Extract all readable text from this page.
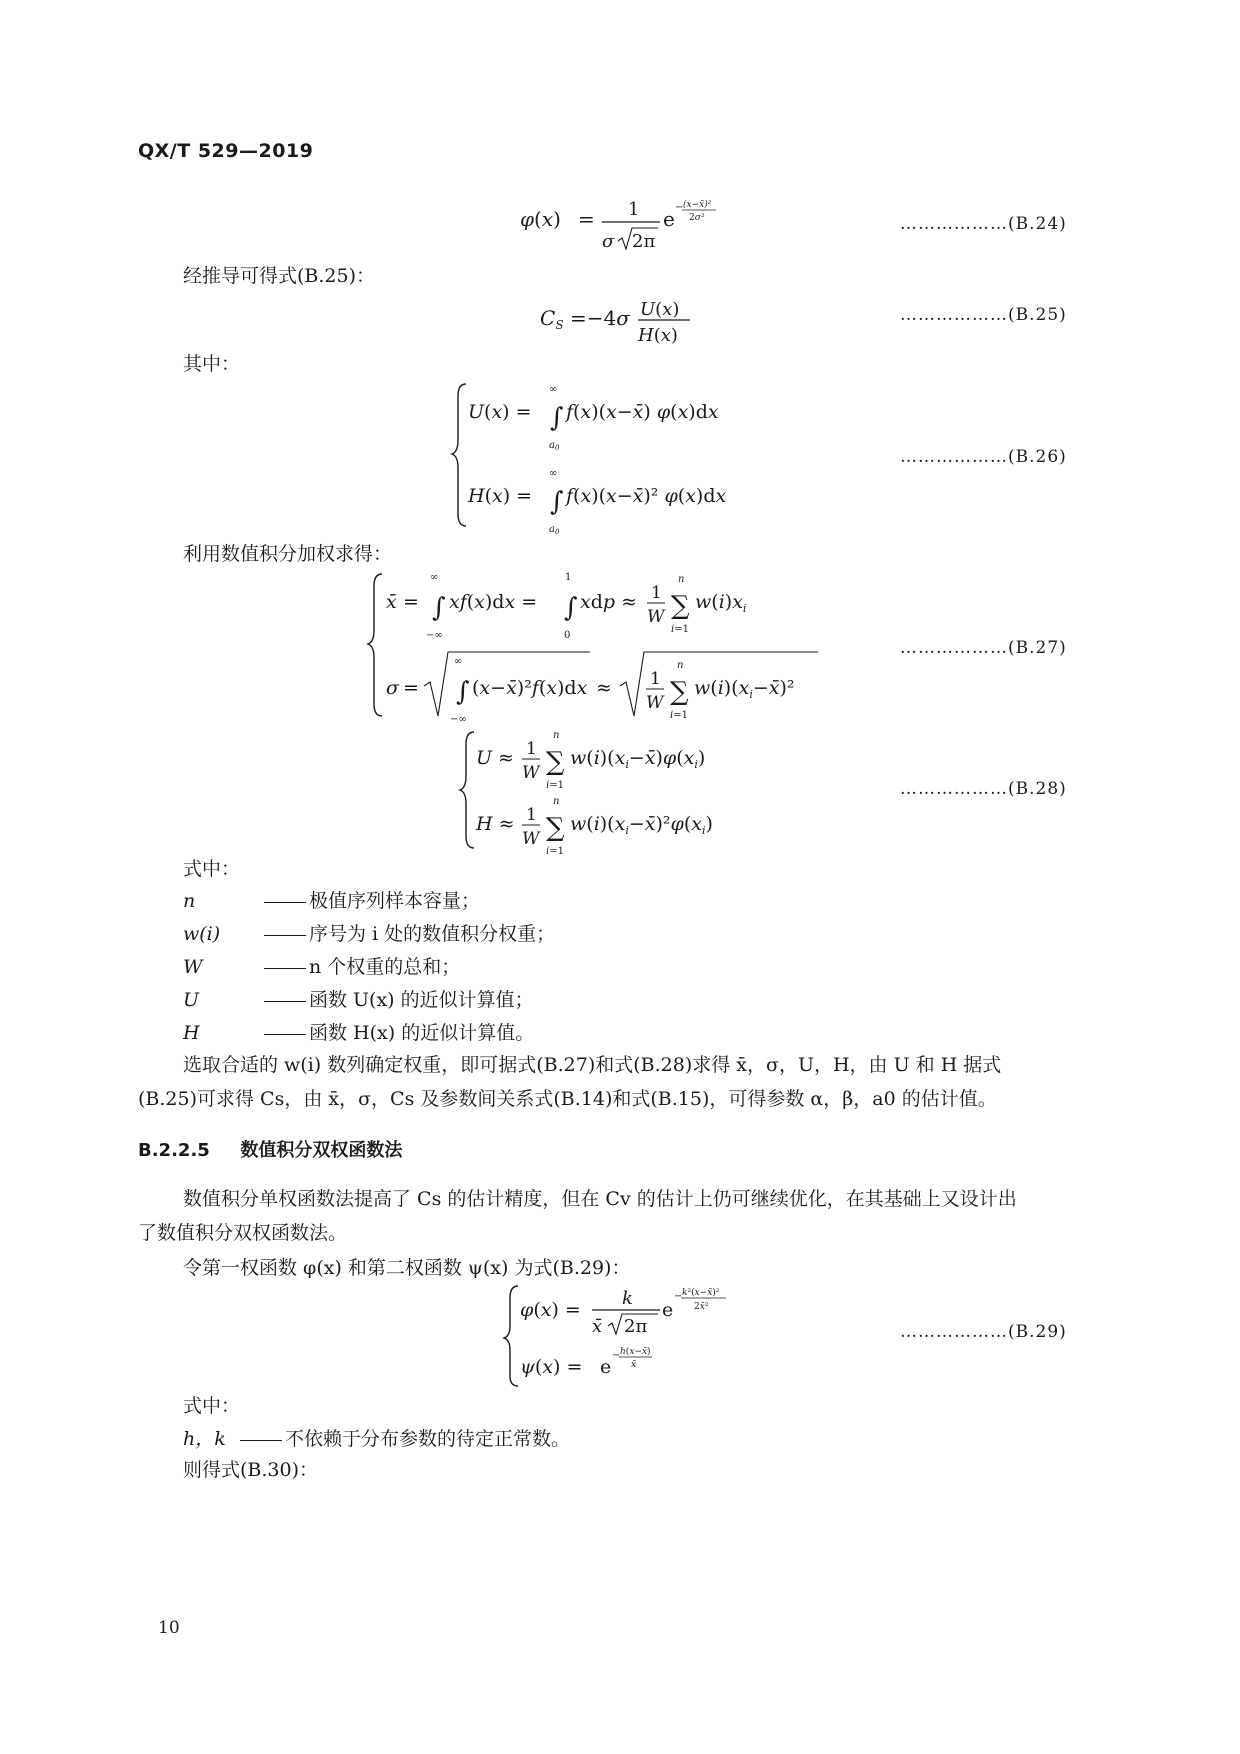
QX/T 529—2019
φ(x) = 1
σ 2π
e − (x−x̄)²
2σ²	………………(B.24)
经推导可得式(B.25)：
$C_S =-4\sigma$ U(x)
H(x)
………………(B.25)
其中：
U(x) =
∞
∫
$a_0$
f(x)(x−x̄) φ(x)dx
H(x) =
∞
∫
$a_0$
f(x)(x−x̄)² φ(x)dx
………………(B.26)
利用数值积分加权求得：
x̄ =
∞
∫
−∞
xf(x)dx =
1
∫
0
xdp ≈ 1
W
n
∑
i=1
$w(i)x_i$
σ =
∞
∫
−∞
(x−x̄)²f(x)dx ≈ 1
W
n
∑
i=1
$w(i)(x_i-x̄)^2$
………………(B.27)
U ≈ 1
W
n
∑
i=1
$w(i)(x_i-x̄)\varphi(x_i)$
H ≈ 1
W
n
∑
i=1
$w(i)(x_i-x̄)^2\varphi(x_i)$
………………(B.28)
式中：
n	极值序列样本容量；
w(i)	序号为 i 处的数值积分权重；
W	n 个权重的总和；
U	函数 U(x) 的近似计算值；
H	函数 H(x) 的近似计算值。
选取合适的 w(i) 数列确定权重，即可据式(B.27)和式(B.28)求得 x̄，σ，U，H，由 U 和 H 据式
(B.25)可求得 Cs，由 x̄，σ，Cs 及参数间关系式(B.14)和式(B.15)，可得参数 α，β，a0 的估计值。
B.2.2.5 数值积分双权函数法
数值积分单权函数法提高了 Cs 的估计精度，但在 Cv 的估计上仍可继续优化，在其基础上又设计出
了数值积分双权函数法。
令第一权函数 φ(x) 和第二权函数 ψ(x) 为式(B.29)：
φ(x) =
k
x̄ 2π
e
− k²(x−x̄)²
2x̄²
ψ(x) = e
− h(x−x̄)
x̄
………………(B.29)
式中：
h，k	不依赖于分布参数的待定正常数。
则得式(B.30)：
10
